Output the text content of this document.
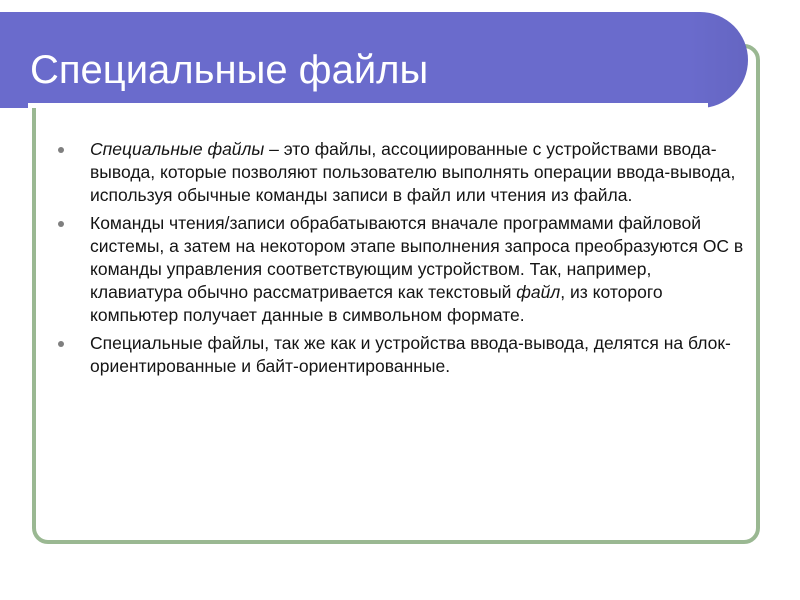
Специальные файлы
Специальные файлы – это файлы, ассоциированные с устройствами ввода-вывода, которые позволяют пользователю выполнять операции ввода-вывода, используя обычные команды записи в файл или чтения из файла.
Команды чтения/записи обрабатываются вначале программами файловой системы, а затем на некотором этапе выполнения запроса преобразуются ОС в команды управления соответствующим устройством. Так, например, клавиатура обычно рассматривается как текстовый файл, из которого компьютер получает данные в символьном формате.
Специальные файлы, так же как и устройства ввода-вывода, делятся на блок-ориентированные и байт-ориентированные.
